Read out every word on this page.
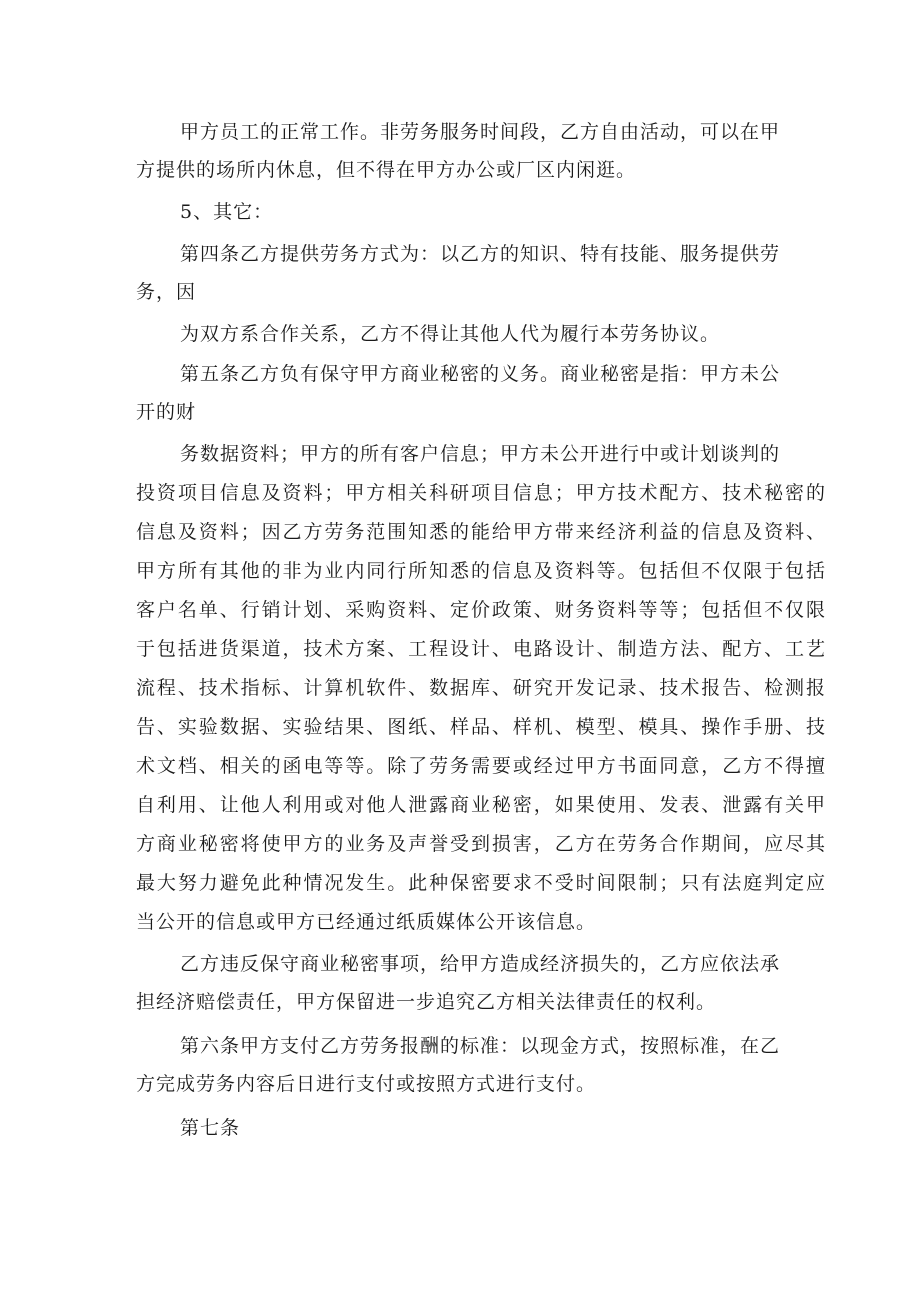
甲方员工的正常工作。非劳务服务时间段，乙方自由活动，可以在甲
方提供的场所内休息，但不得在甲方办公或厂区内闲逛。
5、其它：
第四条乙方提供劳务方式为：以乙方的知识、特有技能、服务提供劳
务，因
为双方系合作关系，乙方不得让其他人代为履行本劳务协议。
第五条乙方负有保守甲方商业秘密的义务。商业秘密是指：甲方未公
开的财
务数据资料；甲方的所有客户信息；甲方未公开进行中或计划谈判的
投资项目信息及资料；甲方相关科研项目信息；甲方技术配方、技术秘密的
信息及资料；因乙方劳务范围知悉的能给甲方带来经济利益的信息及资料、
甲方所有其他的非为业内同行所知悉的信息及资料等。包括但不仅限于包括
客户名单、行销计划、采购资料、定价政策、财务资料等等；包括但不仅限
于包括进货渠道，技术方案、工程设计、电路设计、制造方法、配方、工艺
流程、技术指标、计算机软件、数据库、研究开发记录、技术报告、检测报
告、实验数据、实验结果、图纸、样品、样机、模型、模具、操作手册、技
术文档、相关的函电等等。除了劳务需要或经过甲方书面同意，乙方不得擅
自利用、让他人利用或对他人泄露商业秘密，如果使用、发表、泄露有关甲
方商业秘密将使甲方的业务及声誉受到损害，乙方在劳务合作期间，应尽其
最大努力避免此种情况发生。此种保密要求不受时间限制；只有法庭判定应
当公开的信息或甲方已经通过纸质媒体公开该信息。
乙方违反保守商业秘密事项，给甲方造成经济损失的，乙方应依法承
担经济赔偿责任，甲方保留进一步追究乙方相关法律责任的权利。
第六条甲方支付乙方劳务报酬的标准：以现金方式，按照标准，在乙
方完成劳务内容后日进行支付或按照方式进行支付。
第七条
